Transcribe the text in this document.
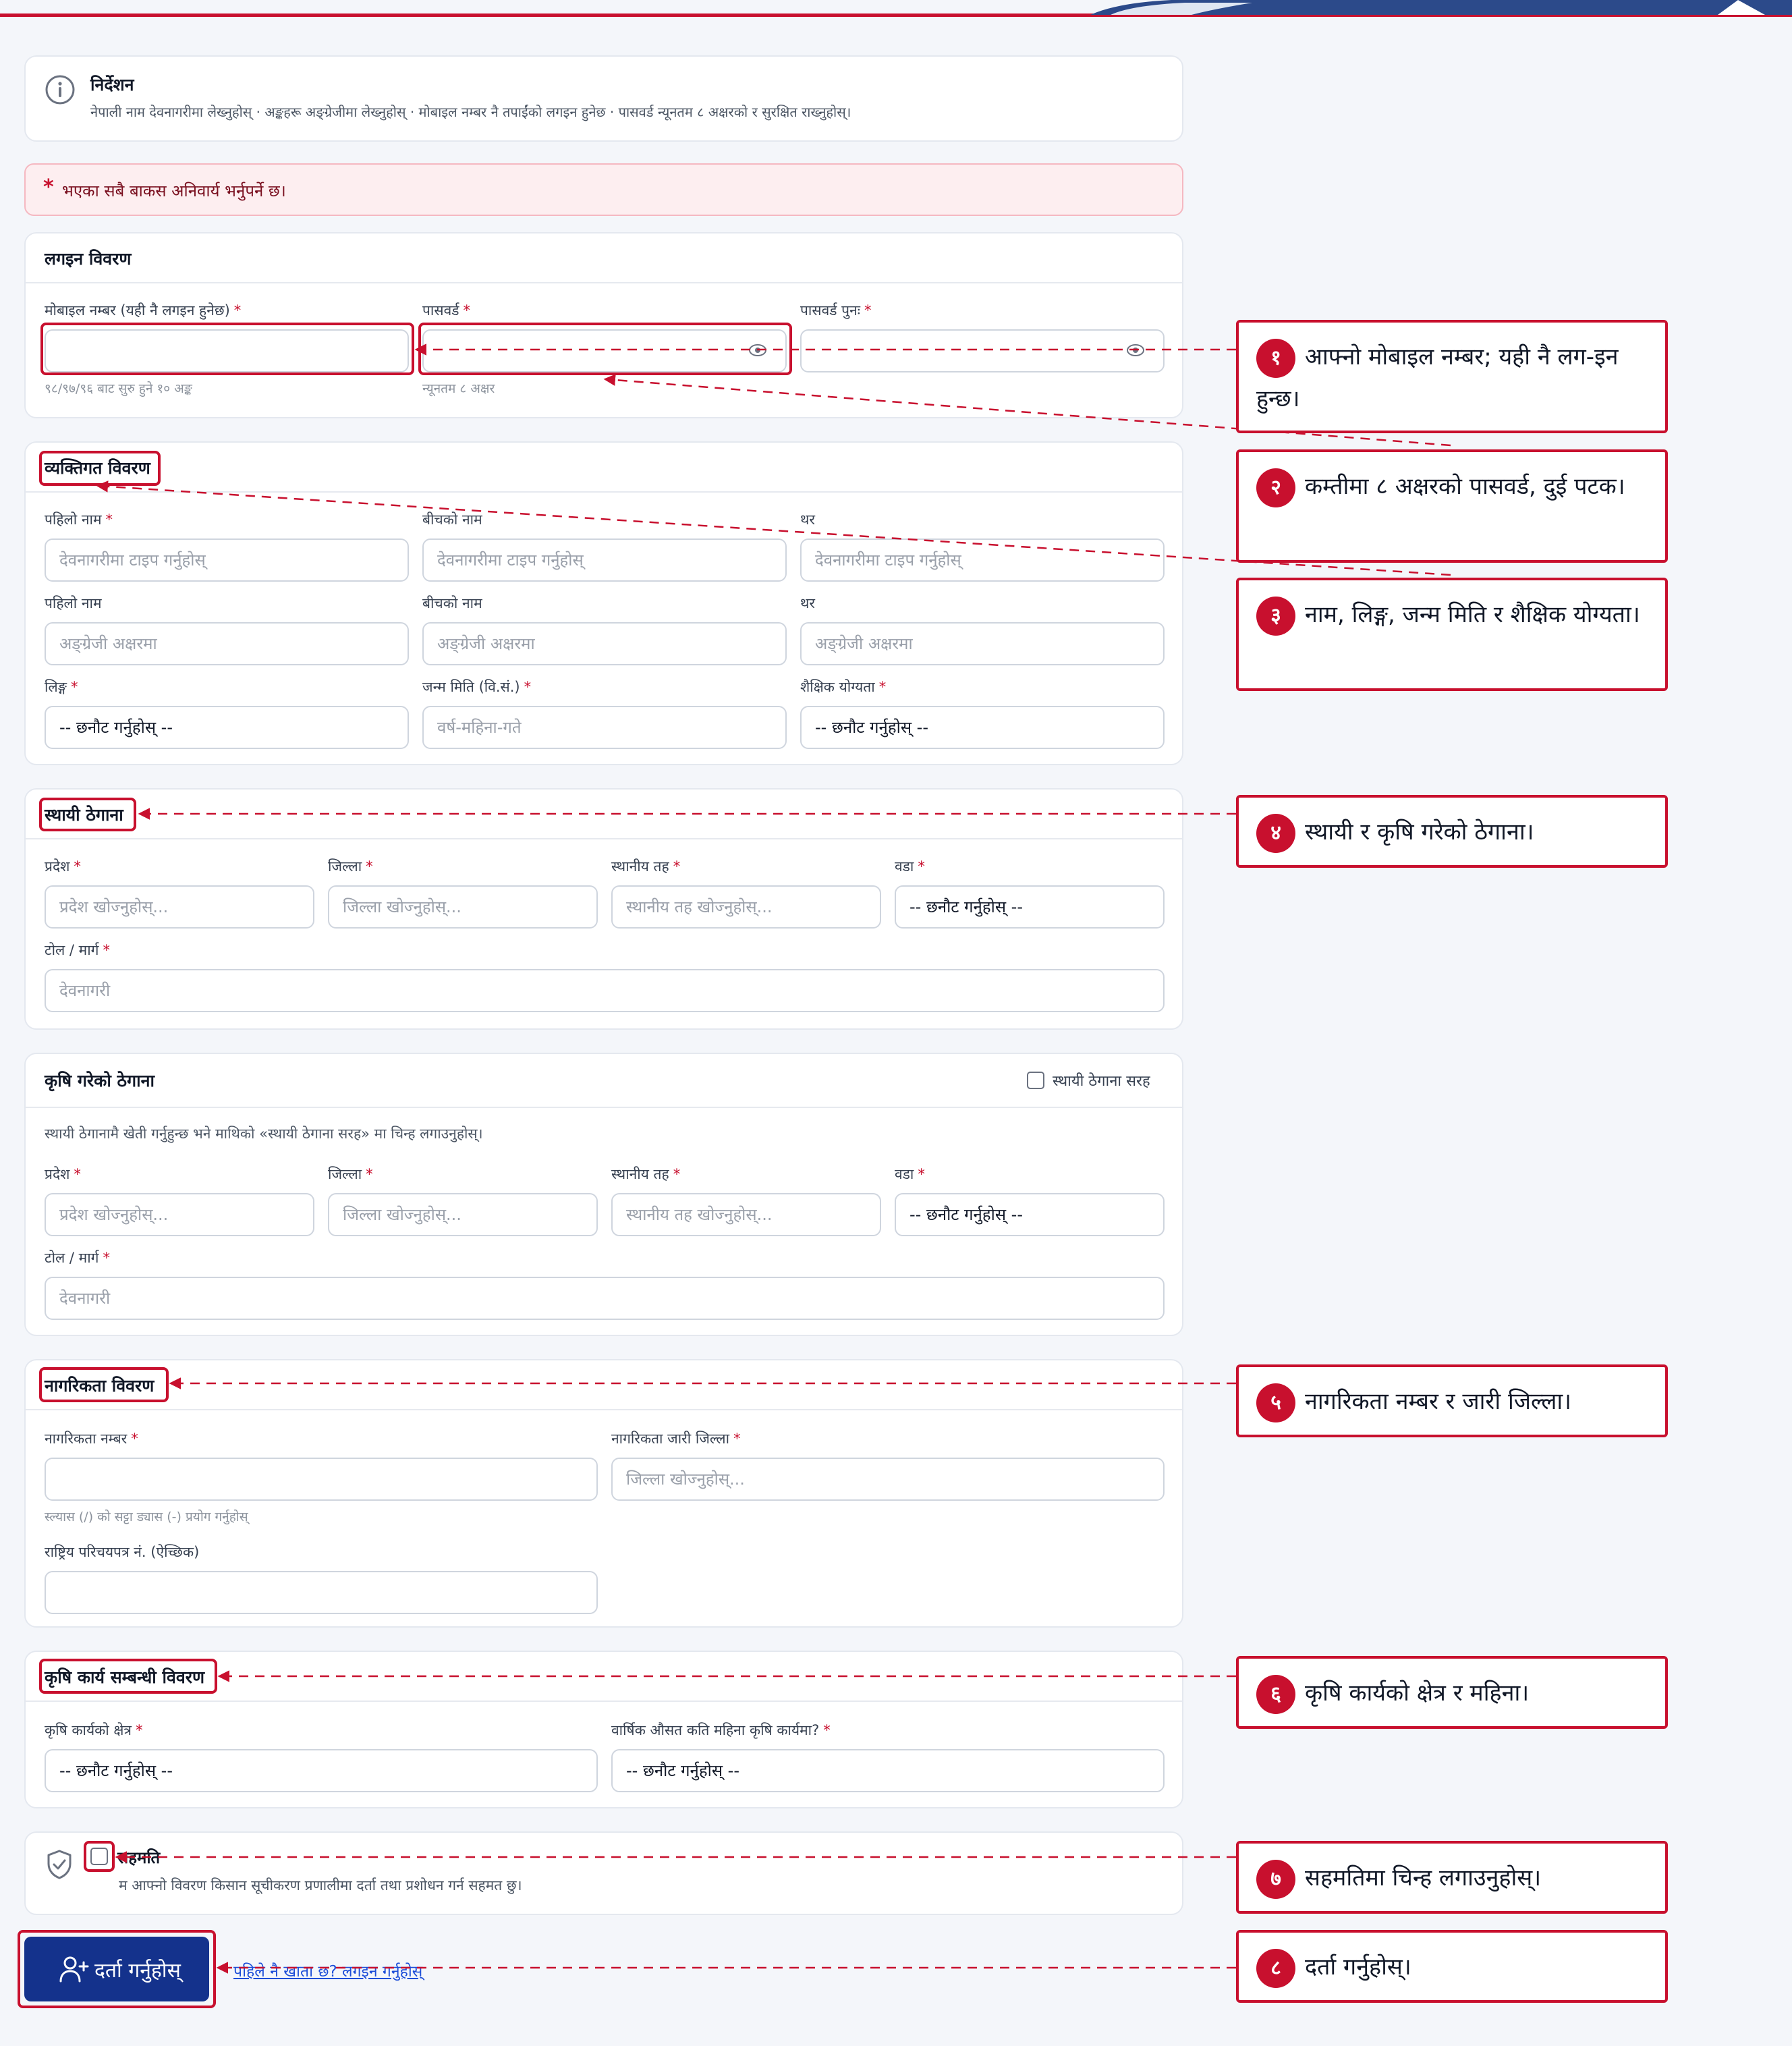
निर्देशन
नेपाली नाम देवनागरीमा लेख्नुहोस् · अङ्कहरू अङ्ग्रेजीमा लेख्नुहोस् · मोबाइल नम्बर नै तपाईंको लगइन हुनेछ · पासवर्ड न्यूनतम ८ अक्षरको र सुरक्षित राख्नुहोस्।
* भएका सबै बाकस अनिवार्य भर्नुपर्ने छ।
लगइन विवरण
मोबाइल नम्बर (यही नै लगइन हुनेछ) *
९८/९७/९६ बाट सुरु हुने १० अङ्क
पासवर्ड *
न्यूनतम ८ अक्षर
पासवर्ड पुनः *
व्यक्तिगत विवरण
पहिलो नाम *
देवनागरीमा टाइप गर्नुहोस्
बीचको नाम
देवनागरीमा टाइप गर्नुहोस्
थर
देवनागरीमा टाइप गर्नुहोस्
पहिलो नाम
अङ्ग्रेजी अक्षरमा
बीचको नाम
अङ्ग्रेजी अक्षरमा
थर
अङ्ग्रेजी अक्षरमा
लिङ्ग *
-- छनौट गर्नुहोस् --
जन्म मिति (वि.सं.) *
वर्ष-महिना-गते
शैक्षिक योग्यता *
-- छनौट गर्नुहोस् --
स्थायी ठेगाना
प्रदेश *
प्रदेश खोज्नुहोस्...
जिल्ला *
जिल्ला खोज्नुहोस्...
स्थानीय तह *
स्थानीय तह खोज्नुहोस्...
वडा *
-- छनौट गर्नुहोस् --
टोल / मार्ग *
देवनागरी
कृषि गरेको ठेगाना	स्थायी ठेगाना सरह
स्थायी ठेगानामै खेती गर्नुहुन्छ भने माथिको «स्थायी ठेगाना सरह» मा चिन्ह लगाउनुहोस्।
प्रदेश *
प्रदेश खोज्नुहोस्...
जिल्ला *
जिल्ला खोज्नुहोस्...
स्थानीय तह *
स्थानीय तह खोज्नुहोस्...
वडा *
-- छनौट गर्नुहोस् --
टोल / मार्ग *
देवनागरी
नागरिकता विवरण
नागरिकता नम्बर *
स्ल्यास (/) को सट्टा ड्यास (-) प्रयोग गर्नुहोस्
नागरिकता जारी जिल्ला *
जिल्ला खोज्नुहोस्...
राष्ट्रिय परिचयपत्र नं. (ऐच्छिक)
कृषि कार्य सम्बन्धी विवरण
कृषि कार्यको क्षेत्र *
-- छनौट गर्नुहोस् --
वार्षिक औसत कति महिना कृषि कार्यमा? *
-- छनौट गर्नुहोस् --
सहमति
म आफ्नो विवरण किसान सूचीकरण प्रणालीमा दर्ता तथा प्रशोधन गर्न सहमत छु।
दर्ता गर्नुहोस्	पहिले नै खाता छ? लगइन गर्नुहोस्
१ आफ्नो मोबाइल नम्बर; यही नै लग-इन हुन्छ।
२ कम्तीमा ८ अक्षरको पासवर्ड, दुई पटक।
३ नाम, लिङ्ग, जन्म मिति र शैक्षिक योग्यता।
४ स्थायी र कृषि गरेको ठेगाना।
५ नागरिकता नम्बर र जारी जिल्ला।
६ कृषि कार्यको क्षेत्र र महिना।
७ सहमतिमा चिन्ह लगाउनुहोस्।
८ दर्ता गर्नुहोस्।
